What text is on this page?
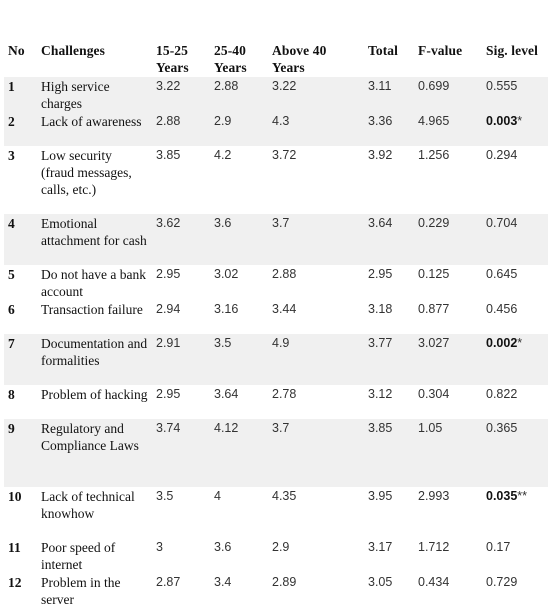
No	Challenges	15-25 Years	25-40 Years	Above 40 Years	Total	F-value	Sig. level
1	High service charges	3.22	2.88	3.22	3.11	0.699	0.555
2	Lack of awareness	2.88	2.9	4.3	3.36	4.965	0.003*
3	Low security (fraud messages, calls, etc.)	3.85	4.2	3.72	3.92	1.256	0.294
4	Emotional attachment for cash	3.62	3.6	3.7	3.64	0.229	0.704
5	Do not have a bank account	2.95	3.02	2.88	2.95	0.125	0.645
6	Transaction failure	2.94	3.16	3.44	3.18	0.877	0.456
7	Documentation and formalities	2.91	3.5	4.9	3.77	3.027	0.002*
8	Problem of hacking	2.95	3.64	2.78	3.12	0.304	0.822
9	Regulatory and Compliance Laws	3.74	4.12	3.7	3.85	1.05	0.365
10	Lack of technical knowhow	3.5	4	4.35	3.95	2.993	0.035**
11	Poor speed of internet	3	3.6	2.9	3.17	1.712	0.17
12	Problem in the server	2.87	3.4	2.89	3.05	0.434	0.729
